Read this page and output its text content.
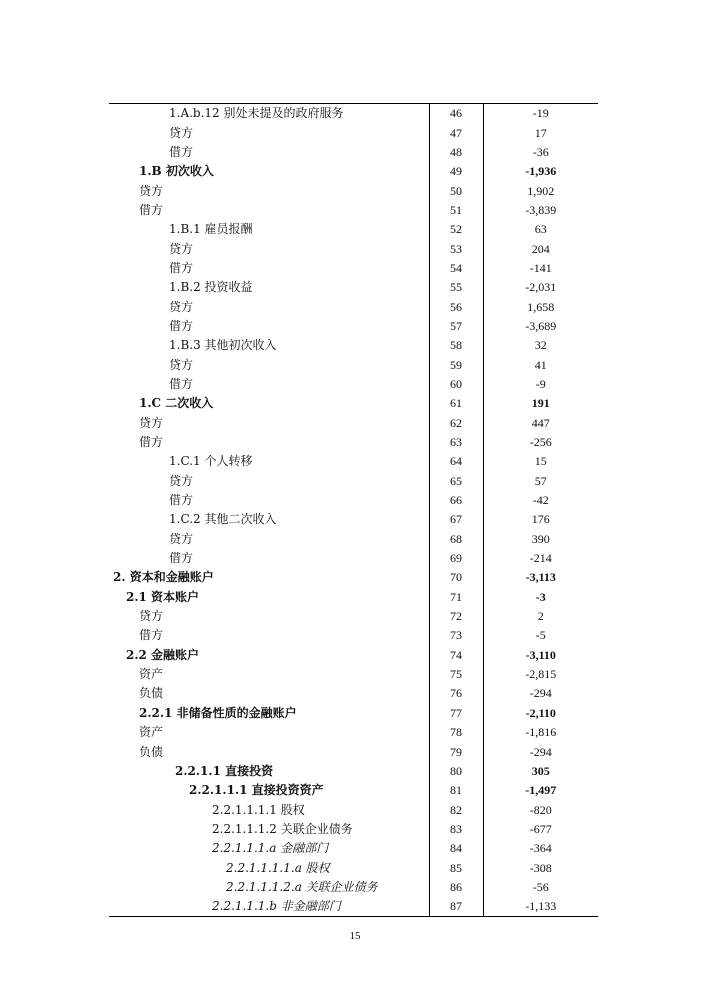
1.A.b.12 别处未提及的政府服务	46	-19
贷方	47	17
借方	48	-36
1.B 初次收入	49	-1,936
贷方	50	1,902
借方	51	-3,839
1.B.1 雇员报酬	52	63
贷方	53	204
借方	54	-141
1.B.2 投资收益	55	-2,031
贷方	56	1,658
借方	57	-3,689
1.B.3 其他初次收入	58	32
贷方	59	41
借方	60	-9
1.C 二次收入	61	191
贷方	62	447
借方	63	-256
1.C.1 个人转移	64	15
贷方	65	57
借方	66	-42
1.C.2 其他二次收入	67	176
贷方	68	390
借方	69	-214
2. 资本和金融账户	70	-3,113
2.1 资本账户	71	-3
贷方	72	2
借方	73	-5
2.2 金融账户	74	-3,110
资产	75	-2,815
负债	76	-294
2.2.1 非储备性质的金融账户	77	-2,110
资产	78	-1,816
负债	79	-294
2.2.1.1 直接投资	80	305
2.2.1.1.1 直接投资资产	81	-1,497
2.2.1.1.1.1 股权	82	-820
2.2.1.1.1.2 关联企业债务	83	-677
2.2.1.1.1.a 金融部门	84	-364
2.2.1.1.1.1.a 股权	85	-308
2.2.1.1.1.2.a 关联企业债务	86	-56
2.2.1.1.1.b 非金融部门	87	-1,133
15
